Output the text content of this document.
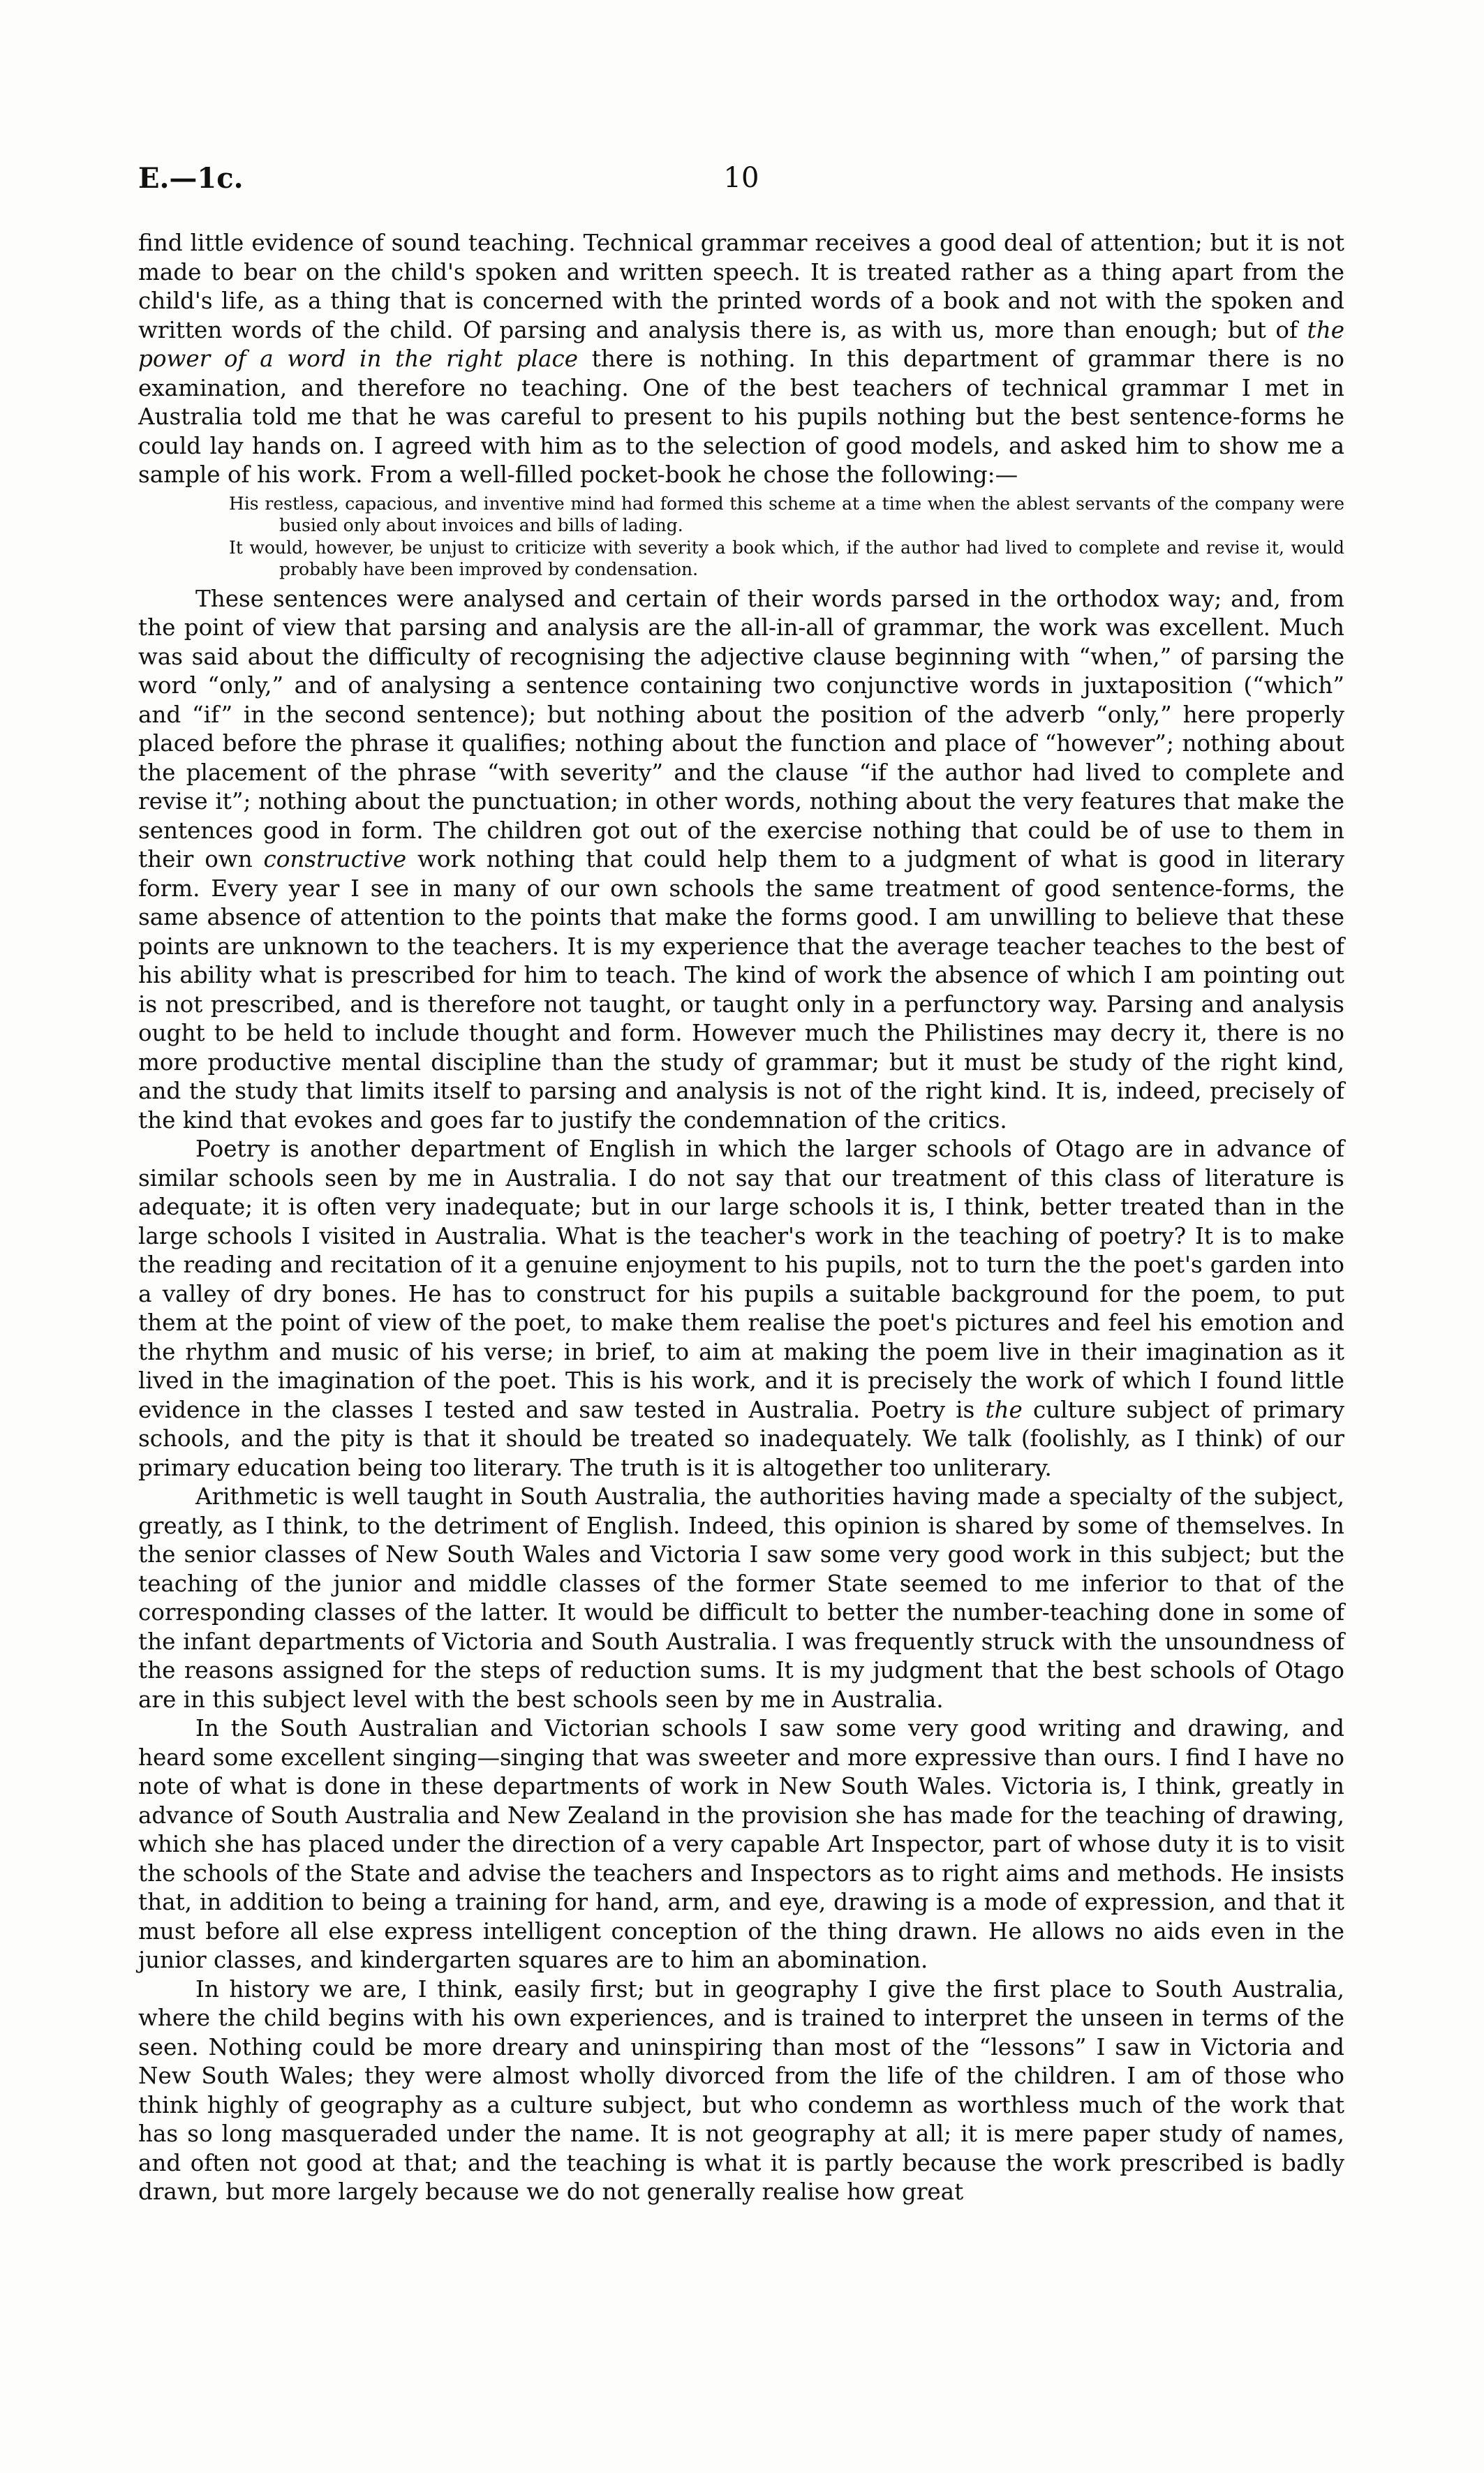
E.—1c.	10

find little evidence of sound teaching. Technical grammar receives a good deal of attention; but it is not made to bear on the child's spoken and written speech. It is treated rather as a thing apart from the child's life, as a thing that is concerned with the printed words of a book and not with the spoken and written words of the child. Of parsing and analysis there is, as with us, more than enough; but of the power of a word in the right place there is nothing. In this department of grammar there is no examination, and therefore no teaching. One of the best teachers of technical grammar I met in Australia told me that he was careful to present to his pupils nothing but the best sentence-forms he could lay hands on. I agreed with him as to the selection of good models, and asked him to show me a sample of his work. From a well-filled pocket-book he chose the following:—

His restless, capacious, and inventive mind had formed this scheme at a time when the ablest servants of the company were busied only about invoices and bills of lading.

It would, however, be unjust to criticize with severity a book which, if the author had lived to complete and revise it, would probably have been improved by condensation.

These sentences were analysed and certain of their words parsed in the orthodox way; and, from the point of view that parsing and analysis are the all-in-all of grammar, the work was excellent. Much was said about the difficulty of recognising the adjective clause beginning with “when,” of parsing the word “only,” and of analysing a sentence containing two conjunctive words in juxtaposition (“which” and “if” in the second sentence); but nothing about the position of the adverb “only,” here properly placed before the phrase it qualifies; nothing about the function and place of “however”; nothing about the placement of the phrase “with severity” and the clause “if the author had lived to complete and revise it”; nothing about the punctuation; in other words, nothing about the very features that make the sentences good in form. The children got out of the exercise nothing that could be of use to them in their own constructive work nothing that could help them to a judgment of what is good in literary form. Every year I see in many of our own schools the same treatment of good sentence-forms, the same absence of attention to the points that make the forms good. I am unwilling to believe that these points are unknown to the teachers. It is my experience that the average teacher teaches to the best of his ability what is prescribed for him to teach. The kind of work the absence of which I am pointing out is not prescribed, and is therefore not taught, or taught only in a perfunctory way. Parsing and analysis ought to be held to include thought and form. However much the Philistines may decry it, there is no more productive mental discipline than the study of grammar; but it must be study of the right kind, and the study that limits itself to parsing and analysis is not of the right kind. It is, indeed, precisely of the kind that evokes and goes far to justify the condemnation of the critics.

Poetry is another department of English in which the larger schools of Otago are in advance of similar schools seen by me in Australia. I do not say that our treatment of this class of literature is adequate; it is often very inadequate; but in our large schools it is, I think, better treated than in the large schools I visited in Australia. What is the teacher's work in the teaching of poetry? It is to make the reading and recitation of it a genuine enjoyment to his pupils, not to turn the the poet's garden into a valley of dry bones. He has to construct for his pupils a suitable background for the poem, to put them at the point of view of the poet, to make them realise the poet's pictures and feel his emotion and the rhythm and music of his verse; in brief, to aim at making the poem live in their imagination as it lived in the imagination of the poet. This is his work, and it is precisely the work of which I found little evidence in the classes I tested and saw tested in Australia. Poetry is the culture subject of primary schools, and the pity is that it should be treated so inadequately. We talk (foolishly, as I think) of our primary education being too literary. The truth is it is altogether too unliterary.

Arithmetic is well taught in South Australia, the authorities having made a specialty of the subject, greatly, as I think, to the detriment of English. Indeed, this opinion is shared by some of themselves. In the senior classes of New South Wales and Victoria I saw some very good work in this subject; but the teaching of the junior and middle classes of the former State seemed to me inferior to that of the corresponding classes of the latter. It would be difficult to better the number-teaching done in some of the infant departments of Victoria and South Australia. I was frequently struck with the unsoundness of the reasons assigned for the steps of reduction sums. It is my judgment that the best schools of Otago are in this subject level with the best schools seen by me in Australia.

In the South Australian and Victorian schools I saw some very good writing and drawing, and heard some excellent singing—singing that was sweeter and more expressive than ours. I find I have no note of what is done in these departments of work in New South Wales. Victoria is, I think, greatly in advance of South Australia and New Zealand in the provision she has made for the teaching of drawing, which she has placed under the direction of a very capable Art Inspector, part of whose duty it is to visit the schools of the State and advise the teachers and Inspectors as to right aims and methods. He insists that, in addition to being a training for hand, arm, and eye, drawing is a mode of expression, and that it must before all else express intelligent conception of the thing drawn. He allows no aids even in the junior classes, and kindergarten squares are to him an abomination.

In history we are, I think, easily first; but in geography I give the first place to South Australia, where the child begins with his own experiences, and is trained to interpret the unseen in terms of the seen. Nothing could be more dreary and uninspiring than most of the “lessons” I saw in Victoria and New South Wales; they were almost wholly divorced from the life of the children. I am of those who think highly of geography as a culture subject, but who condemn as worthless much of the work that has so long masqueraded under the name. It is not geography at all; it is mere paper study of names, and often not good at that; and the teaching is what it is partly because the work prescribed is badly drawn, but more largely because we do not generally realise how great
